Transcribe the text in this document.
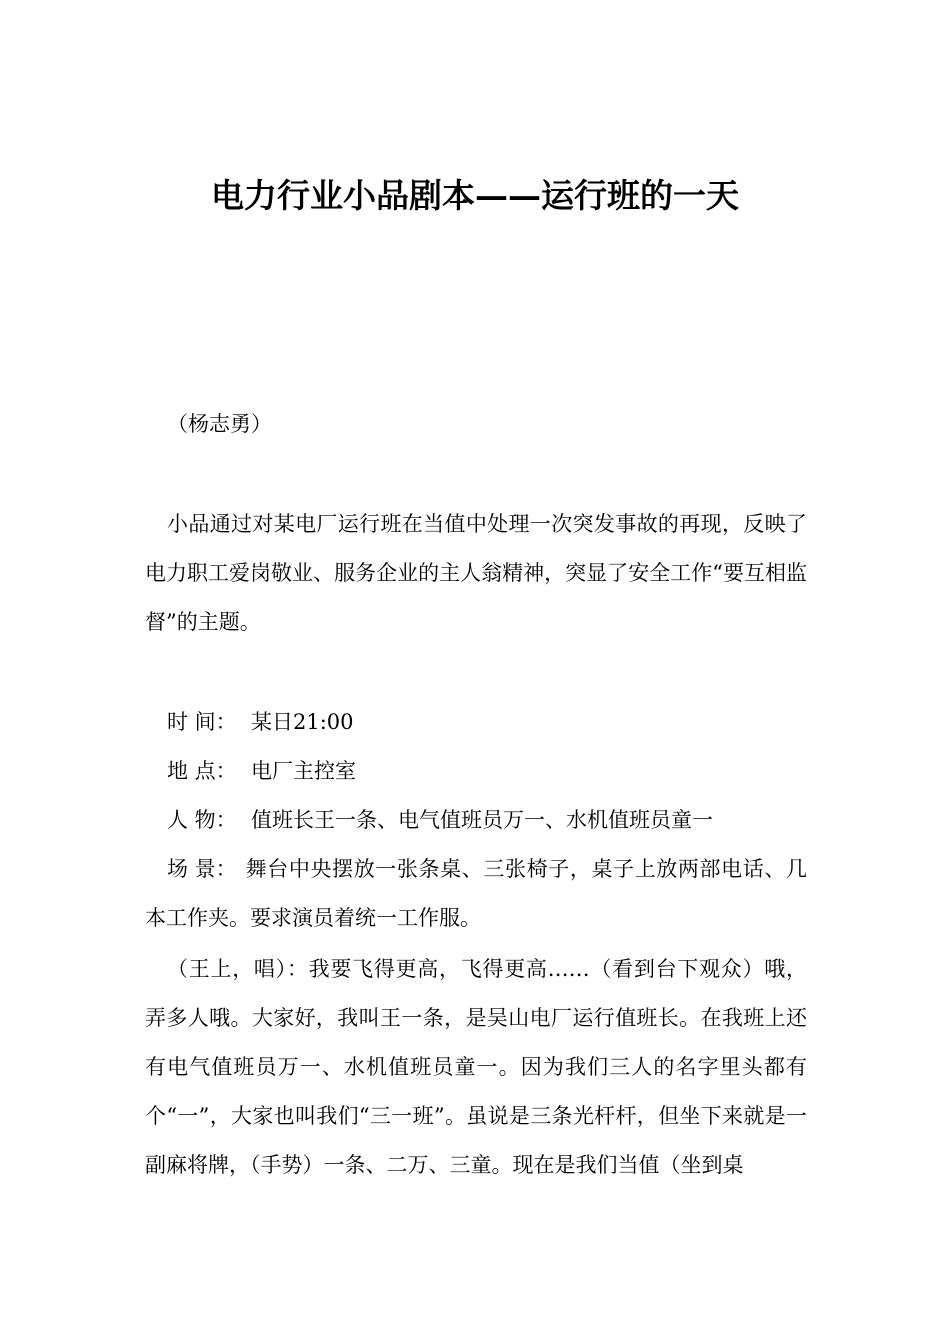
电力行业小品剧本——运行班的一天
（杨志勇）
小品通过对某电厂运行班在当值中处理一次突发事故的再现，反映了电力职工爱岗敬业、服务企业的主人翁精神，突显了安全工作“要互相监督”的主题。
时 间： 某日21:00
地 点： 电厂主控室
人 物： 值班长王一条、电气值班员万一、水机值班员童一
场 景： 舞台中央摆放一张条桌、三张椅子，桌子上放两部电话、几本工作夹。要求演员着统一工作服。
（王上，唱）：我要飞得更高，飞得更高……（看到台下观众）哦，弄多人哦。大家好，我叫王一条，是吴山电厂运行值班长。在我班上还有电气值班员万一、水机值班员童一。因为我们三人的名字里头都有个“一”，大家也叫我们“三一班”。虽说是三条光杆杆，但坐下来就是一副麻将牌，（手势）一条、二万、三童。现在是我们当值（坐到桌
